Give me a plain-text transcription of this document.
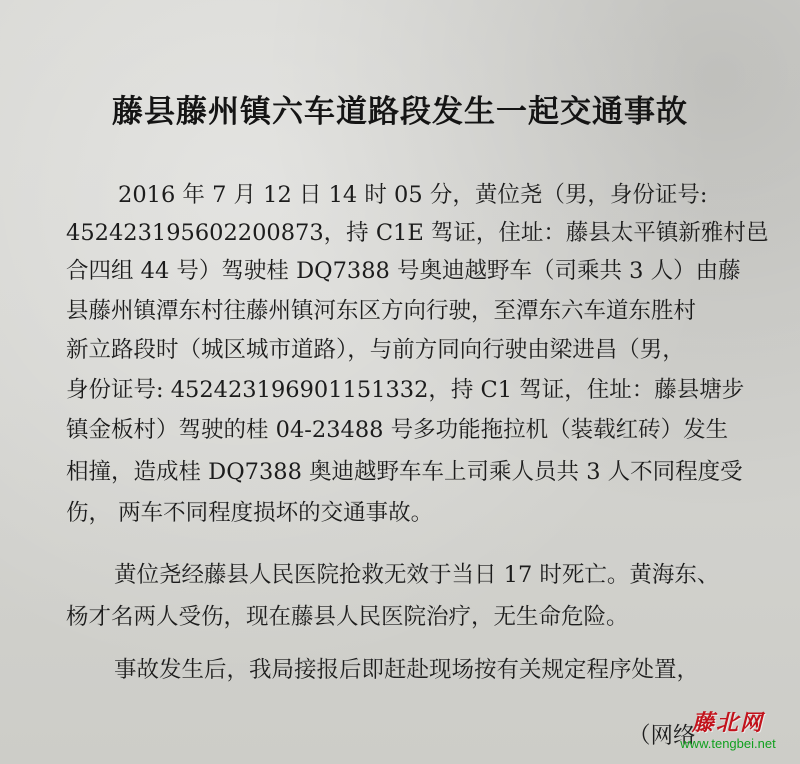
藤县藤州镇六车道路段发生一起交通事故
2016 年 7 月 12 日 14 时 05 分，黄位尧（男，身份证号:
452423195602200873，持 C1E 驾证，住址：藤县太平镇新雅村邑
合四组 44 号）驾驶桂 DQ7388 号奥迪越野车（司乘共 3 人）由藤
县藤州镇潭东村往藤州镇河东区方向行驶，至潭东六车道东胜村
新立路段时（城区城市道路），与前方同向行驶由梁进昌（男，
身份证号: 452423196901151332，持 C1 驾证，住址：藤县塘步
镇金板村）驾驶的桂 04-23488 号多功能拖拉机（装载红砖）发生
相撞，造成桂 DQ7388 奥迪越野车车上司乘人员共 3 人不同程度受
伤， 两车不同程度损坏的交通事故。
黄位尧经藤县人民医院抢救无效于当日 17 时死亡。黄海东、
杨才名两人受伤，现在藤县人民医院治疗，无生命危险。
事故发生后，我局接报后即赶赴现场按有关规定程序处置，
（网络
藤北网
www.tengbei.net
